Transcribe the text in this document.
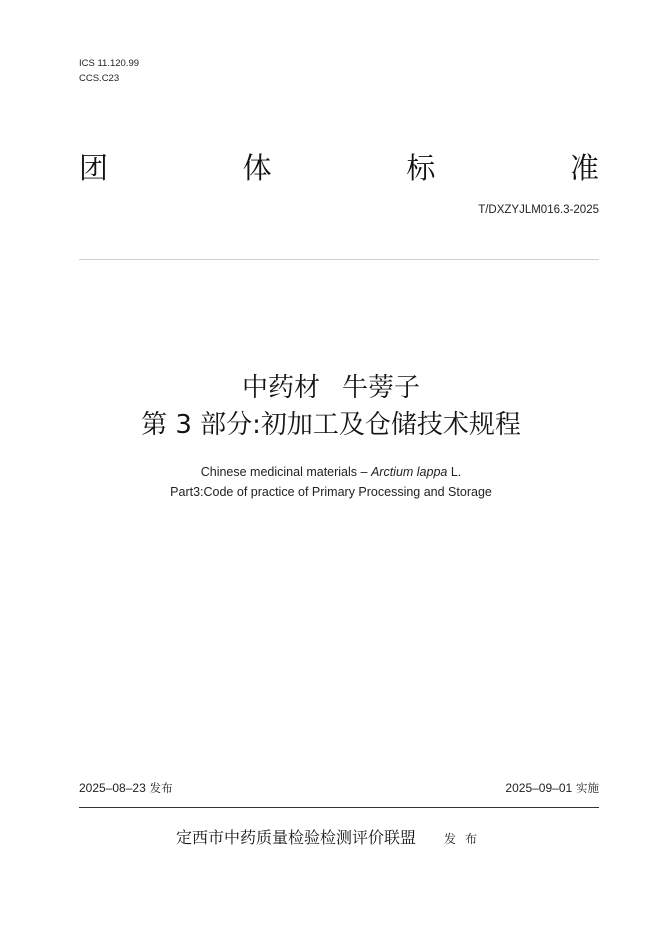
ICS 11.120.99
CCS.C23
团	体	标	准
T/DXZYJLM016.3-2025
中药材 牛蒡子
第 3 部分:初加工及仓储技术规程
Chinese medicinal materials – Arctium lappa L.
Part3:Code of practice of Primary Processing and Storage
2025–08–23 发布	2025–09–01 实施
定西市中药质量检验检测评价联盟 发布
